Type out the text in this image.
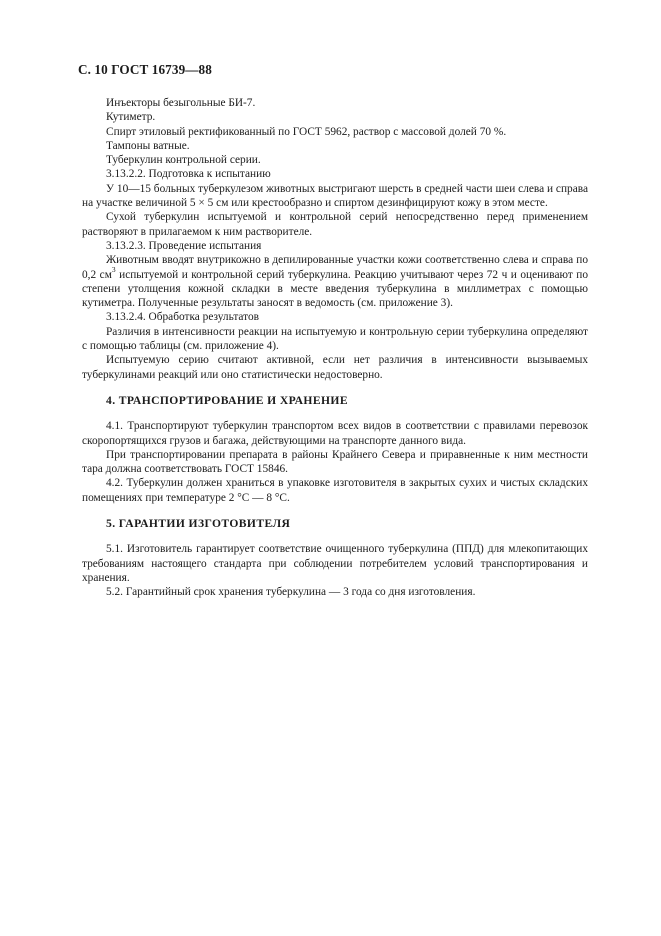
С. 10 ГОСТ 16739—88

Инъекторы безыгольные БИ-7.

Кутиметр.

Спирт этиловый ректификованный по ГОСТ 5962, раствор с массовой долей 70 %.

Тампоны ватные.

Туберкулин контрольной серии.

3.13.2.2. Подготовка к испытанию

У 10—15 больных туберкулезом животных выстригают шерсть в средней части шеи слева и справа на участке величиной 5 × 5 см или крестообразно и спиртом дезинфицируют кожу в этом месте.

Сухой туберкулин испытуемой и контрольной серий непосредственно перед применением растворяют в прилагаемом к ним растворителе.

3.13.2.3. Проведение испытания

Животным вводят внутрикожно в депилированные участки кожи соответственно слева и справа по 0,2 $см^3$ испытуемой и контрольной серий туберкулина. Реакцию учитывают через 72 ч и оценивают по степени утолщения кожной складки в месте введения туберкулина в миллиметрах с помощью кутиметра. Полученные результаты заносят в ведомость (см. приложение 3).

3.13.2.4. Обработка результатов

Различия в интенсивности реакции на испытуемую и контрольную серии туберкулина определяют с помощью таблицы (см. приложение 4).

Испытуемую серию считают активной, если нет различия в интенсивности вызываемых туберкулинами реакций или оно статистически недостоверно.

4. ТРАНСПОРТИРОВАНИЕ И ХРАНЕНИЕ

4.1. Транспортируют туберкулин транспортом всех видов в соответствии с правилами перевозок скоропортящихся грузов и багажа, действующими на транспорте данного вида.

При транспортировании препарата в районы Крайнего Севера и приравненные к ним местности тара должна соответствовать ГОСТ 15846.

4.2. Туберкулин должен храниться в упаковке изготовителя в закрытых сухих и чистых складских помещениях при температуре 2 °С — 8 °С.

5. ГАРАНТИИ ИЗГОТОВИТЕЛЯ

5.1. Изготовитель гарантирует соответствие очищенного туберкулина (ППД) для млекопитающих требованиям настоящего стандарта при соблюдении потребителем условий транспортирования и хранения.

5.2. Гарантийный срок хранения туберкулина — 3 года со дня изготовления.
